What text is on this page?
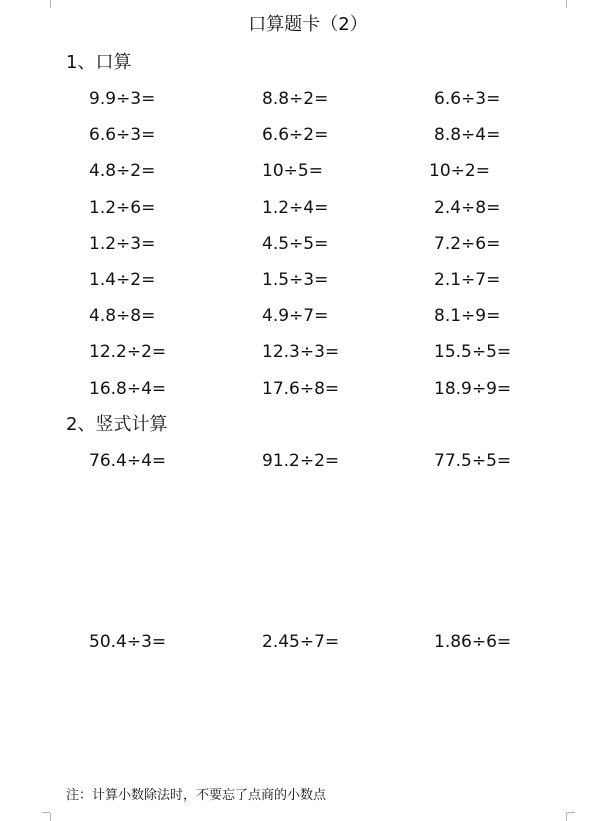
口算题卡（2）
1、口算
9.9÷3=	8.8÷2=	6.6÷3=
6.6÷3=	6.6÷2=	8.8÷4=
4.8÷2=	10÷5=	10÷2=
1.2÷6=	1.2÷4=	2.4÷8=
1.2÷3=	4.5÷5=	7.2÷6=
1.4÷2=	1.5÷3=	2.1÷7=
4.8÷8=	4.9÷7=	8.1÷9=
12.2÷2=	12.3÷3=	15.5÷5=
16.8÷4=	17.6÷8=	18.9÷9=
2、竖式计算
76.4÷4=	91.2÷2=	77.5÷5=
50.4÷3=	2.45÷7=	1.86÷6=
注：计算小数除法时，不要忘了点商的小数点
